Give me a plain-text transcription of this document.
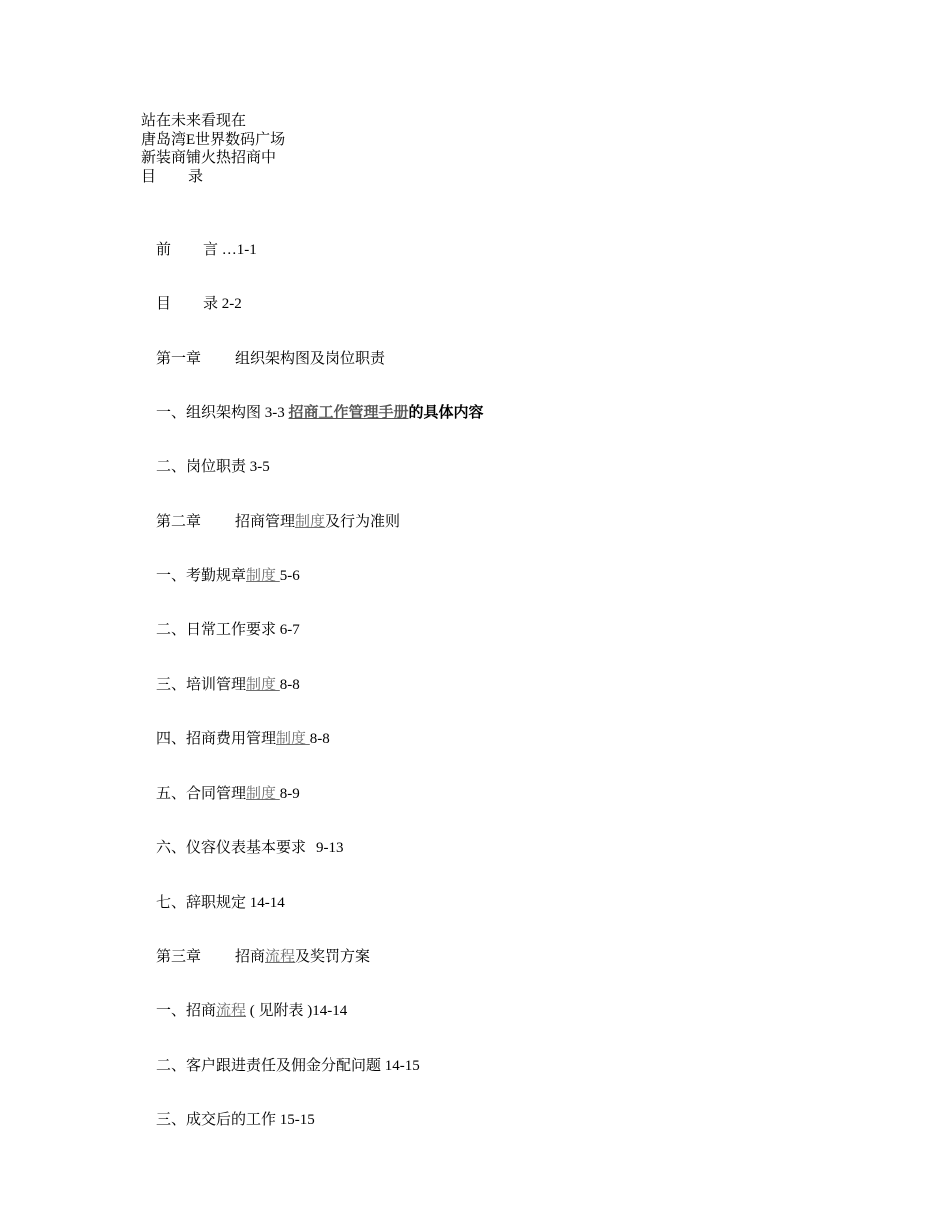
站在未来看现在
唐岛湾E世界数码广场
新装商铺火热招商中
目 录

前 言 …1-1

目 录 2-2

第一章 组织架构图及岗位职责

一、组织架构图 3-3 招商工作管理手册的具体内容

二、岗位职责 3-5

第二章 招商管理制度及行为准则

一、考勤规章制度 5-6

二、日常工作要求 6-7

三、培训管理制度 8-8

四、招商费用管理制度 8-8

五、合同管理制度 8-9

六、仪容仪表基本要求 9-13

七、辞职规定 14-14

第三章 招商流程及奖罚方案

一、招商流程 ( 见附表 )14-14

二、客户跟进责任及佣金分配问题 14-15

三、成交后的工作 15-15
